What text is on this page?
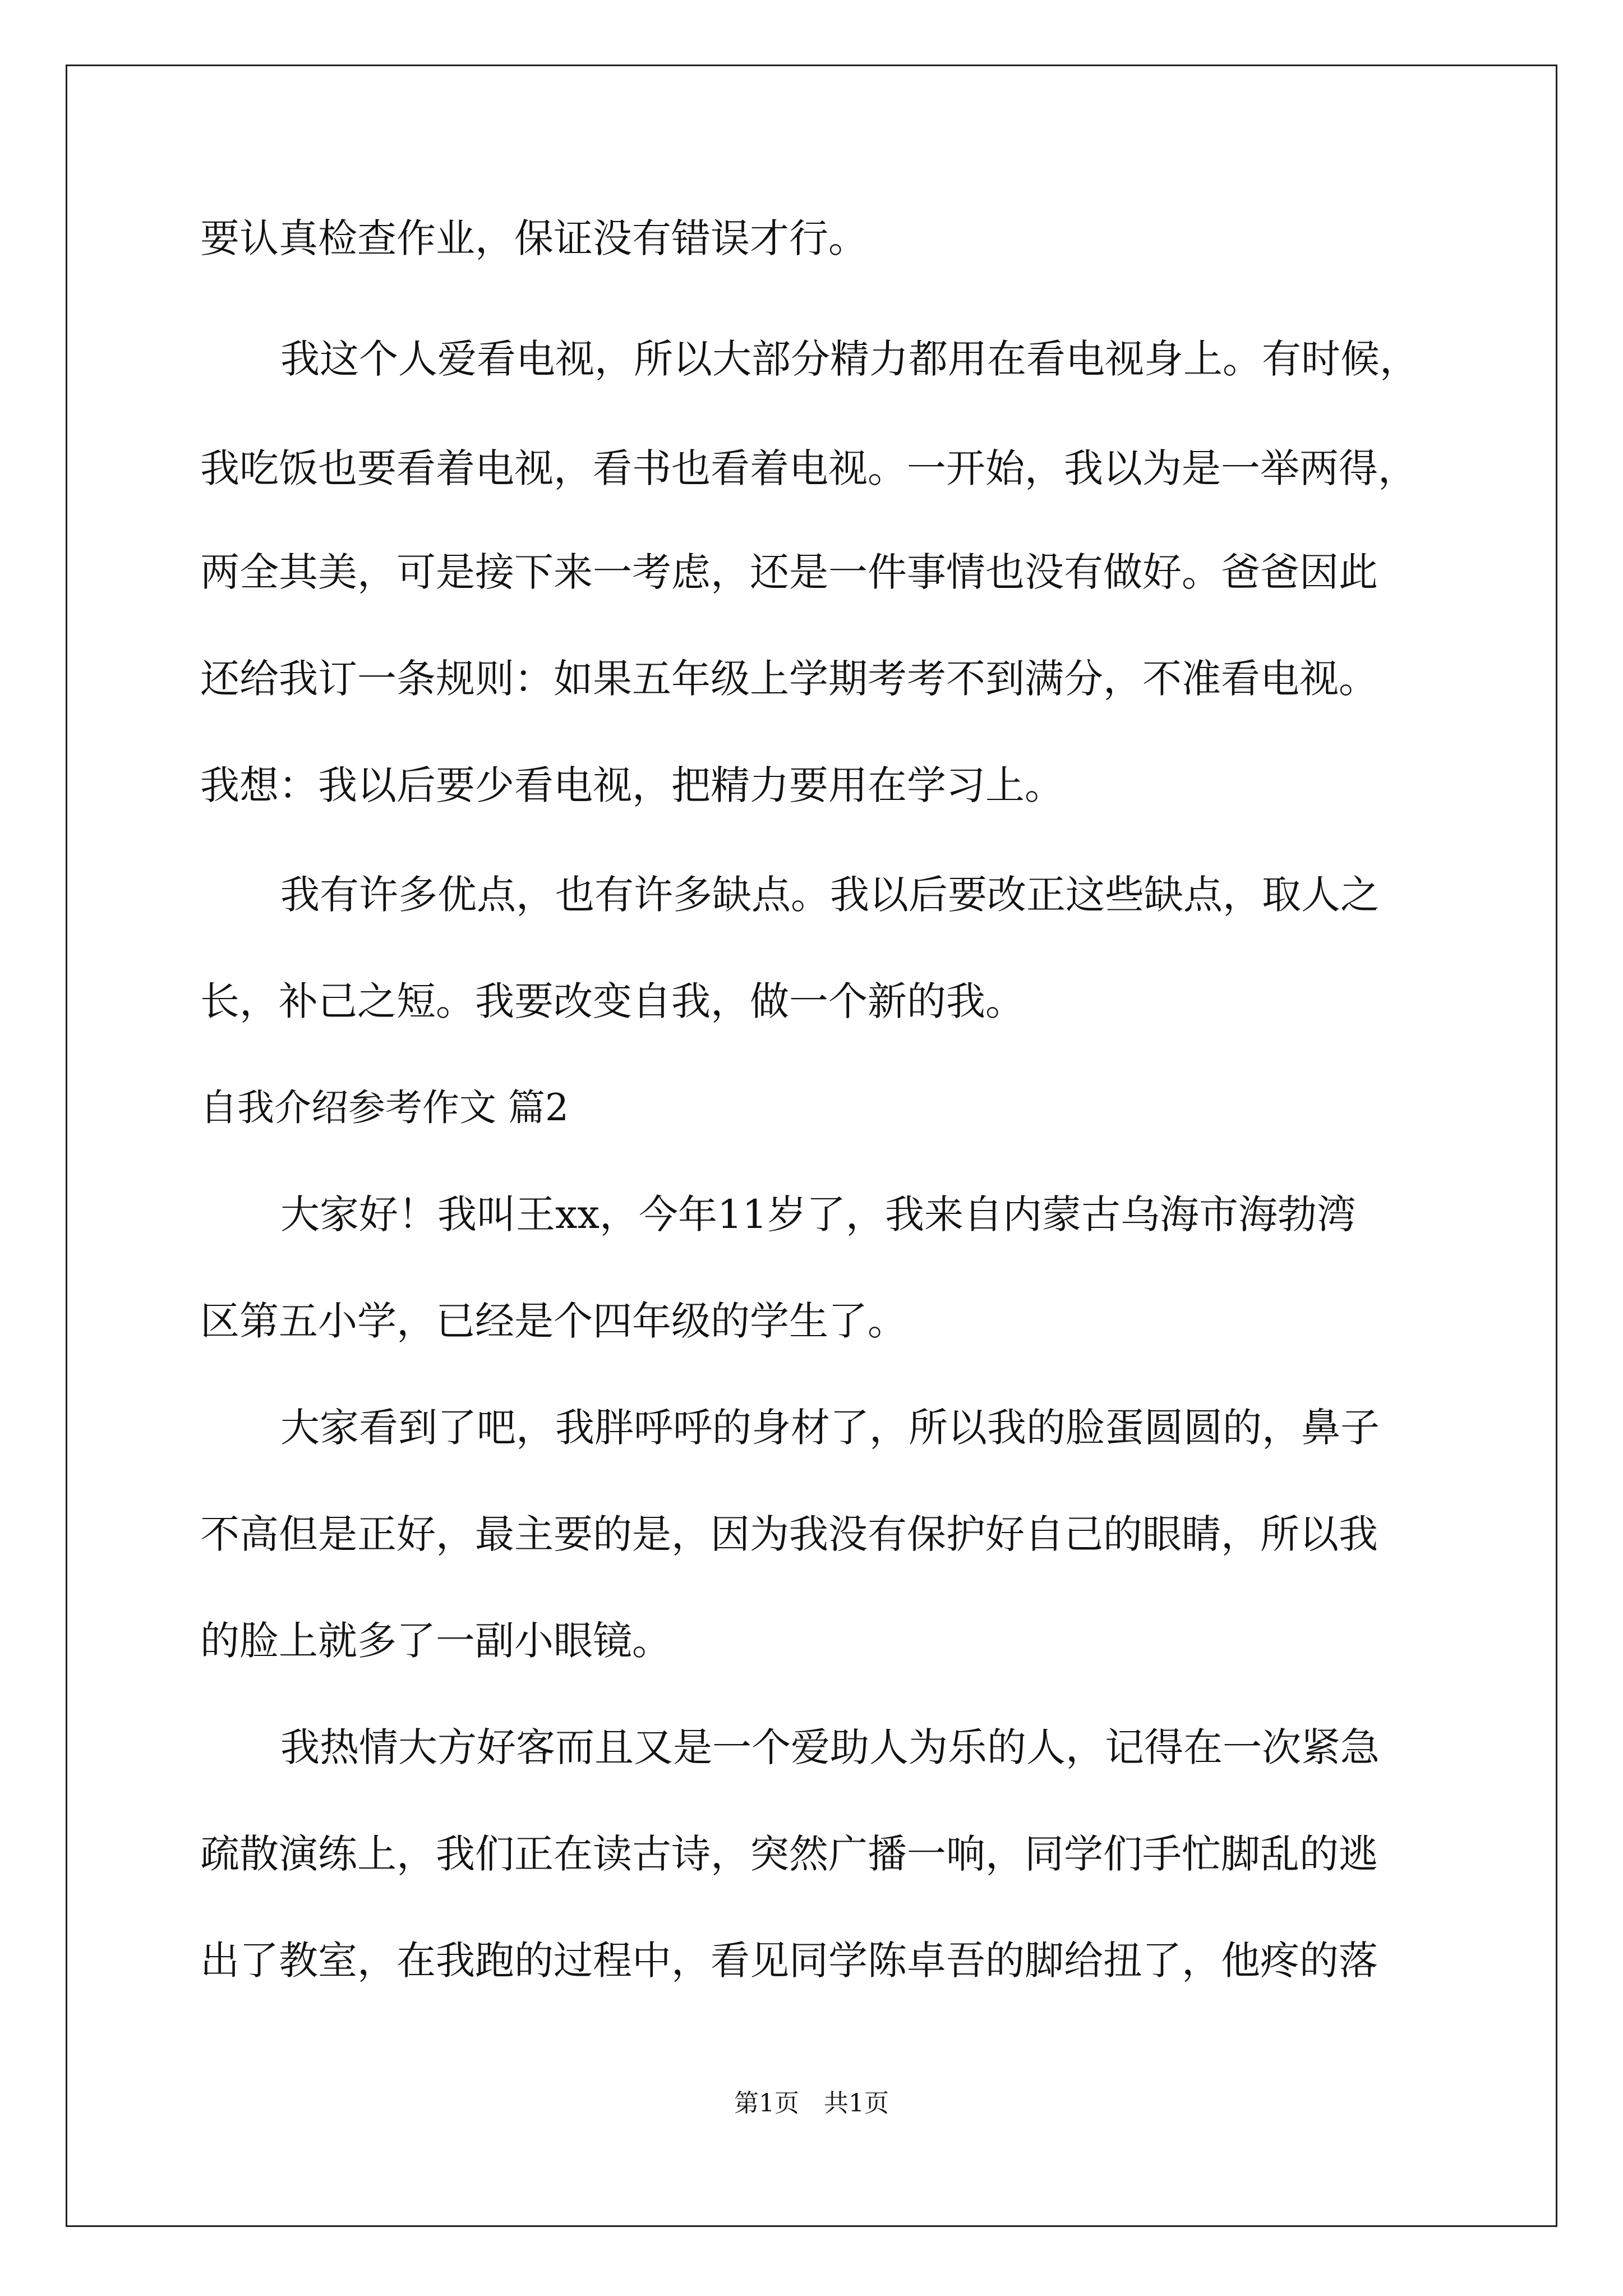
要认真检查作业，保证没有错误才行。
我这个人爱看电视，所以大部分精力都用在看电视身上。有时候，
我吃饭也要看着电视，看书也看着电视。一开始，我以为是一举两得，
两全其美，可是接下来一考虑，还是一件事情也没有做好。爸爸因此
还给我订一条规则：如果五年级上学期考考不到满分，不准看电视。
我想：我以后要少看电视，把精力要用在学习上。
我有许多优点，也有许多缺点。我以后要改正这些缺点，取人之
长，补己之短。我要改变自我，做一个新的我。
自我介绍参考作文 篇2
大家好！我叫王xx，今年11岁了，我来自内蒙古乌海市海勃湾
区第五小学，已经是个四年级的学生了。
大家看到了吧，我胖呼呼的身材了，所以我的脸蛋圆圆的，鼻子
不高但是正好，最主要的是，因为我没有保护好自己的眼睛，所以我
的脸上就多了一副小眼镜。
我热情大方好客而且又是一个爱助人为乐的人，记得在一次紧急
疏散演练上，我们正在读古诗，突然广播一响，同学们手忙脚乱的逃
出了教室，在我跑的过程中，看见同学陈卓吾的脚给扭了，他疼的落
第1页　共1页
